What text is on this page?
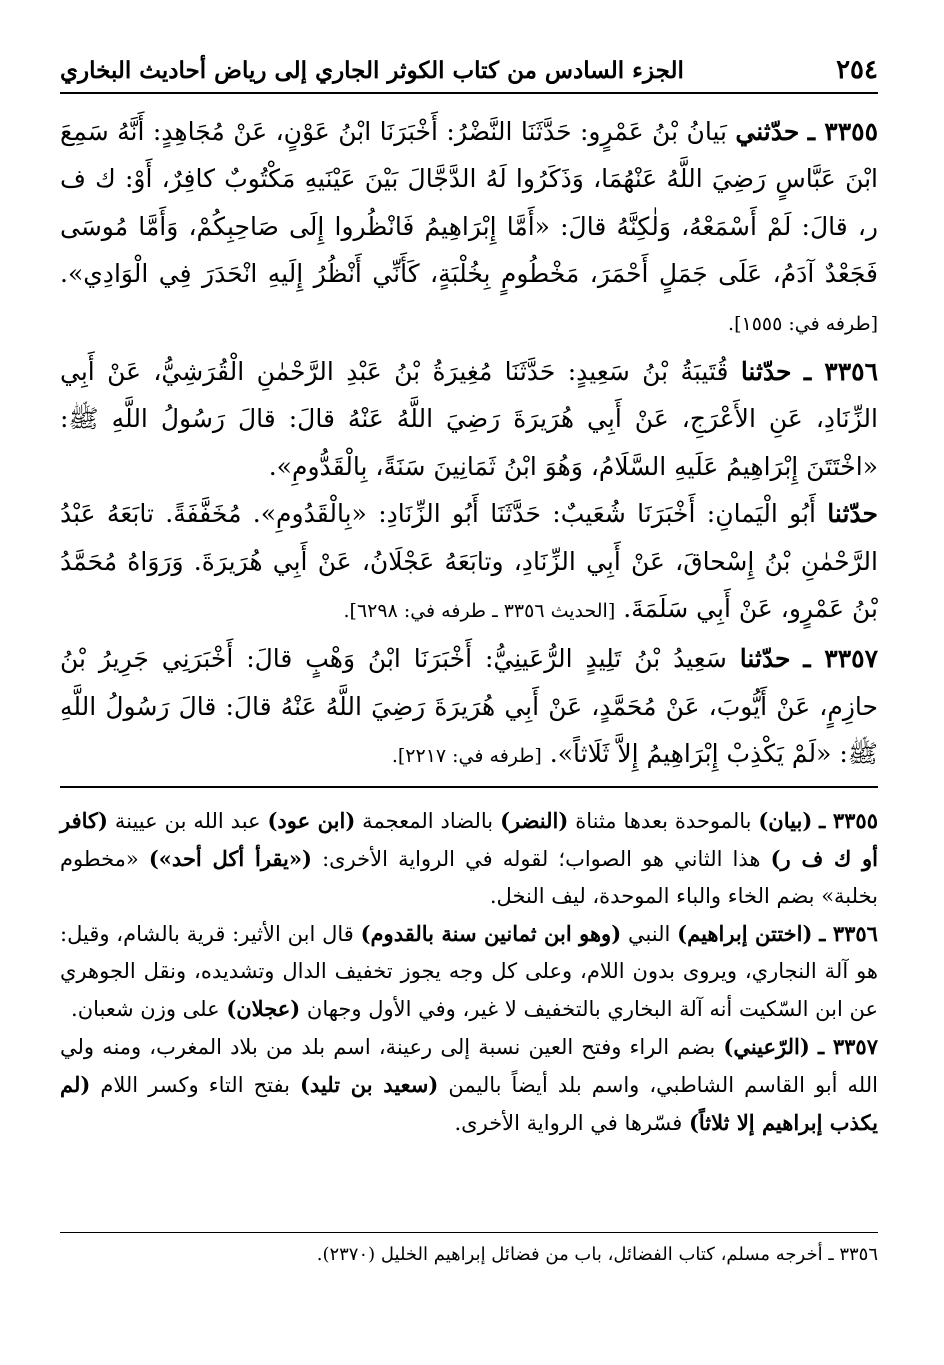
٢٥٤
الجزء السادس من كتاب الكوثر الجاري إلى رياض أحاديث البخاري

٣٣٥٥ ـ حدّثني بَيانُ بْنُ عَمْرٍو: حَدَّثَنَا النَّضْرُ: أَخْبَرَنَا ابْنُ عَوْنٍ، عَنْ مُجَاهِدٍ: أَنَّهُ سَمِعَ ابْنَ عَبَّاسٍ رَضِيَ اللَّهُ عَنْهُمَا، وَذَكَرُوا لَهُ الدَّجَّالَ بَيْنَ عَيْنَيهِ مَكْتُوبٌ كافِرٌ، أَوْ: ك ف ر، قالَ: لَمْ أَسْمَعْهُ، وَلٰكِنَّهُ قالَ: «أَمَّا إِبْرَاهِيمُ فَانْظُروا إِلَى صَاحِبِكُمْ، وَأَمَّا مُوسَى فَجَعْدٌ آدَمُ، عَلَى جَمَلٍ أَحْمَرَ، مَخْطُومٍ بِخُلْبَةٍ، كَأَنِّي أَنْظُرُ إِلَيهِ انْحَدَرَ فِي الْوَادِي». [طرفه في: ١٥٥٥].

٣٣٥٦ ـ حدّثنا قُتَيبَةُ بْنُ سَعِيدٍ: حَدَّثَنَا مُغِيرَةُ بْنُ عَبْدِ الرَّحْمٰنِ الْقُرَشِيُّ، عَنْ أَبِي الزِّنَادِ، عَنِ الأَعْرَجِ، عَنْ أَبِي هُرَيرَةَ رَضِيَ اللَّهُ عَنْهُ قالَ: قالَ رَسُولُ اللَّهِ ﷺ: «اخْتَتَنَ إِبْرَاهِيمُ عَلَيهِ السَّلَامُ، وَهُوَ ابْنُ ثَمَانِينَ سَنَةً، بِالْقَدُّومِ».

حدّثنا أَبُو الْيَمانِ: أَخْبَرَنَا شُعَيبٌ: حَدَّثَنَا أَبُو الزِّنَادِ: «بِالْقَدُومِ». مُخَفَّفَةً. تابَعَهُ عَبْدُ الرَّحْمٰنِ بْنُ إِسْحاقَ، عَنْ أَبِي الزِّنَادِ، وتابَعَهُ عَجْلَانُ، عَنْ أَبِي هُرَيرَةَ. وَرَوَاهُ مُحَمَّدُ بْنُ عَمْرٍو، عَنْ أَبِي سَلَمَةَ. [الحديث ٣٣٥٦ ـ طرفه في: ٦٢٩٨].

٣٣٥٧ ـ حدّثنا سَعِيدُ بْنُ تَلِيدٍ الرُّعَينِيُّ: أَخْبَرَنَا ابْنُ وَهْبٍ قالَ: أَخْبَرَنِي جَرِيرُ بْنُ حازِمٍ، عَنْ أَيُّوبَ، عَنْ مُحَمَّدٍ، عَنْ أَبِي هُرَيرَةَ رَضِيَ اللَّهُ عَنْهُ قالَ: قالَ رَسُولُ اللَّهِ ﷺ: «لَمْ يَكْذِبْ إِبْرَاهِيمُ إِلاَّ ثَلَاثاً». [طرفه في: ٢٢١٧].

٣٣٥٥ ـ (بيان) بالموحدة بعدها مثناة (النضر) بالضاد المعجمة (ابن عود) عبد الله بن عيينة (كافر أو ك ف ر) هذا الثاني هو الصواب؛ لقوله في الرواية الأخرى: («يقرأ أكل أحد») «مخطوم بخلبة» بضم الخاء والباء الموحدة، ليف النخل.

٣٣٥٦ ـ (اختتن إبراهيم) النبي (وهو ابن ثمانين سنة بالقدوم) قال ابن الأثير: قرية بالشام، وقيل: هو آلة النجاري، ويروى بدون اللام، وعلى كل وجه يجوز تخفيف الدال وتشديده، ونقل الجوهري عن ابن السّكيت أنه آلة البخاري بالتخفيف لا غير، وفي الأول وجهان (عجلان) على وزن شعبان.

٣٣٥٧ ـ (الرّعيني) بضم الراء وفتح العين نسبة إلى رعينة، اسم بلد من بلاد المغرب، ومنه ولي الله أبو القاسم الشاطبي، واسم بلد أيضاً باليمن (سعيد بن تليد) بفتح التاء وكسر اللام (لم يكذب إبراهيم إلا ثلاثاً) فسّرها في الرواية الأخرى.

٣٣٥٦ ـ أخرجه مسلم، كتاب الفضائل، باب من فضائل إبراهيم الخليل (٢٣٧٠).
